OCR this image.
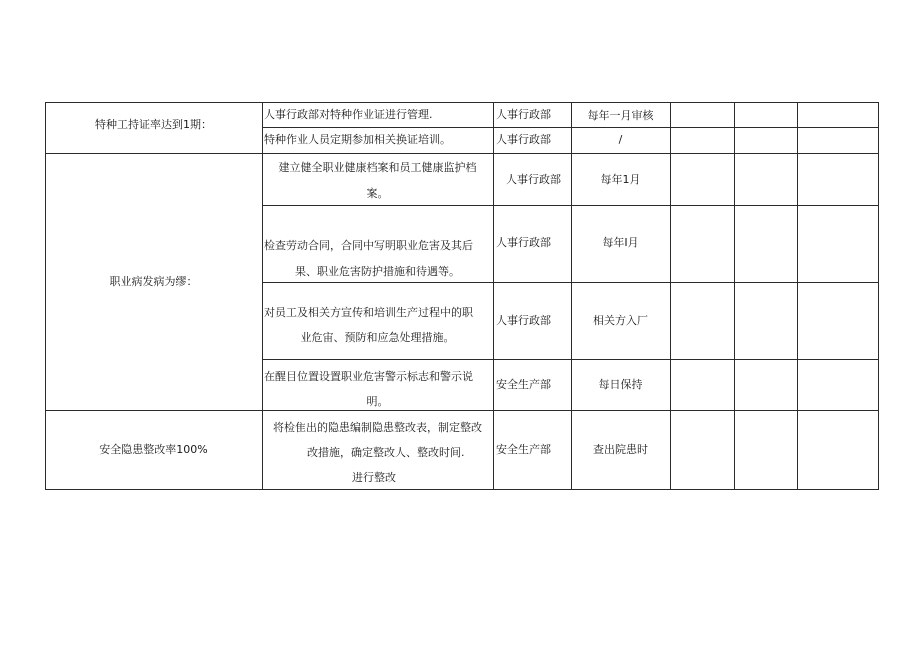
特种工持证率达到1期：
人事行政部对特种作业证进行管理.	人事行政部	每年一月审核
特种作业人员定期参加相关换证培训。	人事行政部	/
职业病发病为缪：
建立健全职业健康档案和员工健康监护档
案。
人事行政部	每年1月
检查劳动合同，合同中写明职业危害及其后
果、职业危害防护措施和待遇等。
人事行政部	每年I月
对员工及相关方宣传和培训生产过程中的职
业危宙、预防和应急处理措施。
人事行政部	相关方入厂
在醒目位置设置职业危害警示标志和警示说
明。
安全生产部	每日保持
安全隐患整改率100%
将检隹出的隐患编制隐患整改表，制定整改
改措施，确定整改人、整改时间.
进行整改
安全生产部	查出院患时
